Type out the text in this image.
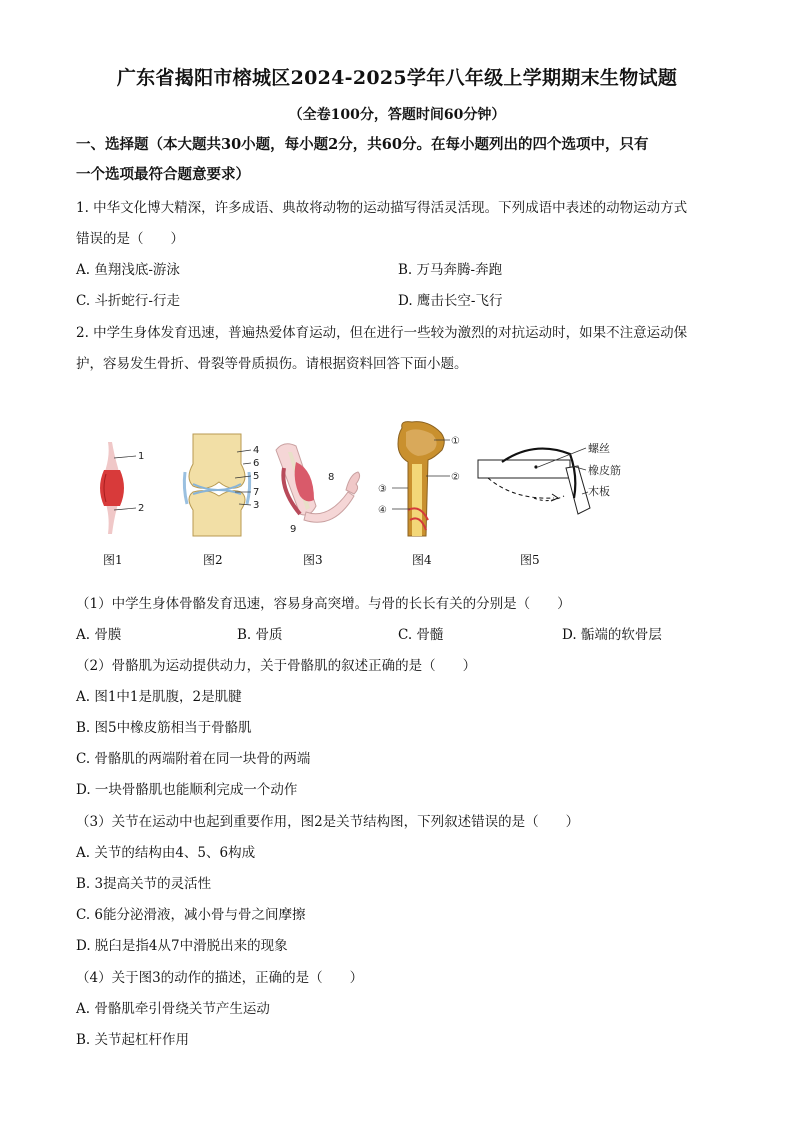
广东省揭阳市榕城区2024-2025学年八年级上学期期末生物试题
（全卷100分，答题时间60分钟）
一、选择题（本大题共30小题，每小题2分，共60分。在每小题列出的四个选项中，只有
一个选项最符合题意要求）
1. 中华文化博大精深，许多成语、典故将动物的运动描写得活灵活现。下列成语中表述的动物运动方式
错误的是（　　）
A. 鱼翔浅底-游泳	B. 万马奔腾-奔跑
C. 斗折蛇行-行走	D. 鹰击长空-飞行
2. 中学生身体发育迅速，普遍热爱体育运动，但在进行一些较为激烈的对抗运动时，如果不注意运动保
护，容易发生骨折、骨裂等骨质损伤。请根据资料回答下面小题。
1
2
4
6
5
7
3
8
9
①
②
③
④
螺丝
橡皮筋
木板
图1	图2	图3	图4	图5
（1）中学生身体骨骼发育迅速，容易身高突增。与骨的长长有关的分别是（　　）
A. 骨膜	B. 骨质	C. 骨髓	D. 骺端的软骨层
（2）骨骼肌为运动提供动力，关于骨骼肌的叙述正确的是（　　）
A. 图1中1是肌腹，2是肌腱
B. 图5中橡皮筋相当于骨骼肌
C. 骨骼肌的两端附着在同一块骨的两端
D. 一块骨骼肌也能顺利完成一个动作
（3）关节在运动中也起到重要作用，图2是关节结构图，下列叙述错误的是（　　）
A. 关节的结构由4、5、6构成
B. 3提高关节的灵活性
C. 6能分泌滑液，减小骨与骨之间摩擦
D. 脱臼是指4从7中滑脱出来的现象
（4）关于图3的动作的描述，正确的是（　　）
A. 骨骼肌牵引骨绕关节产生运动
B. 关节起杠杆作用
